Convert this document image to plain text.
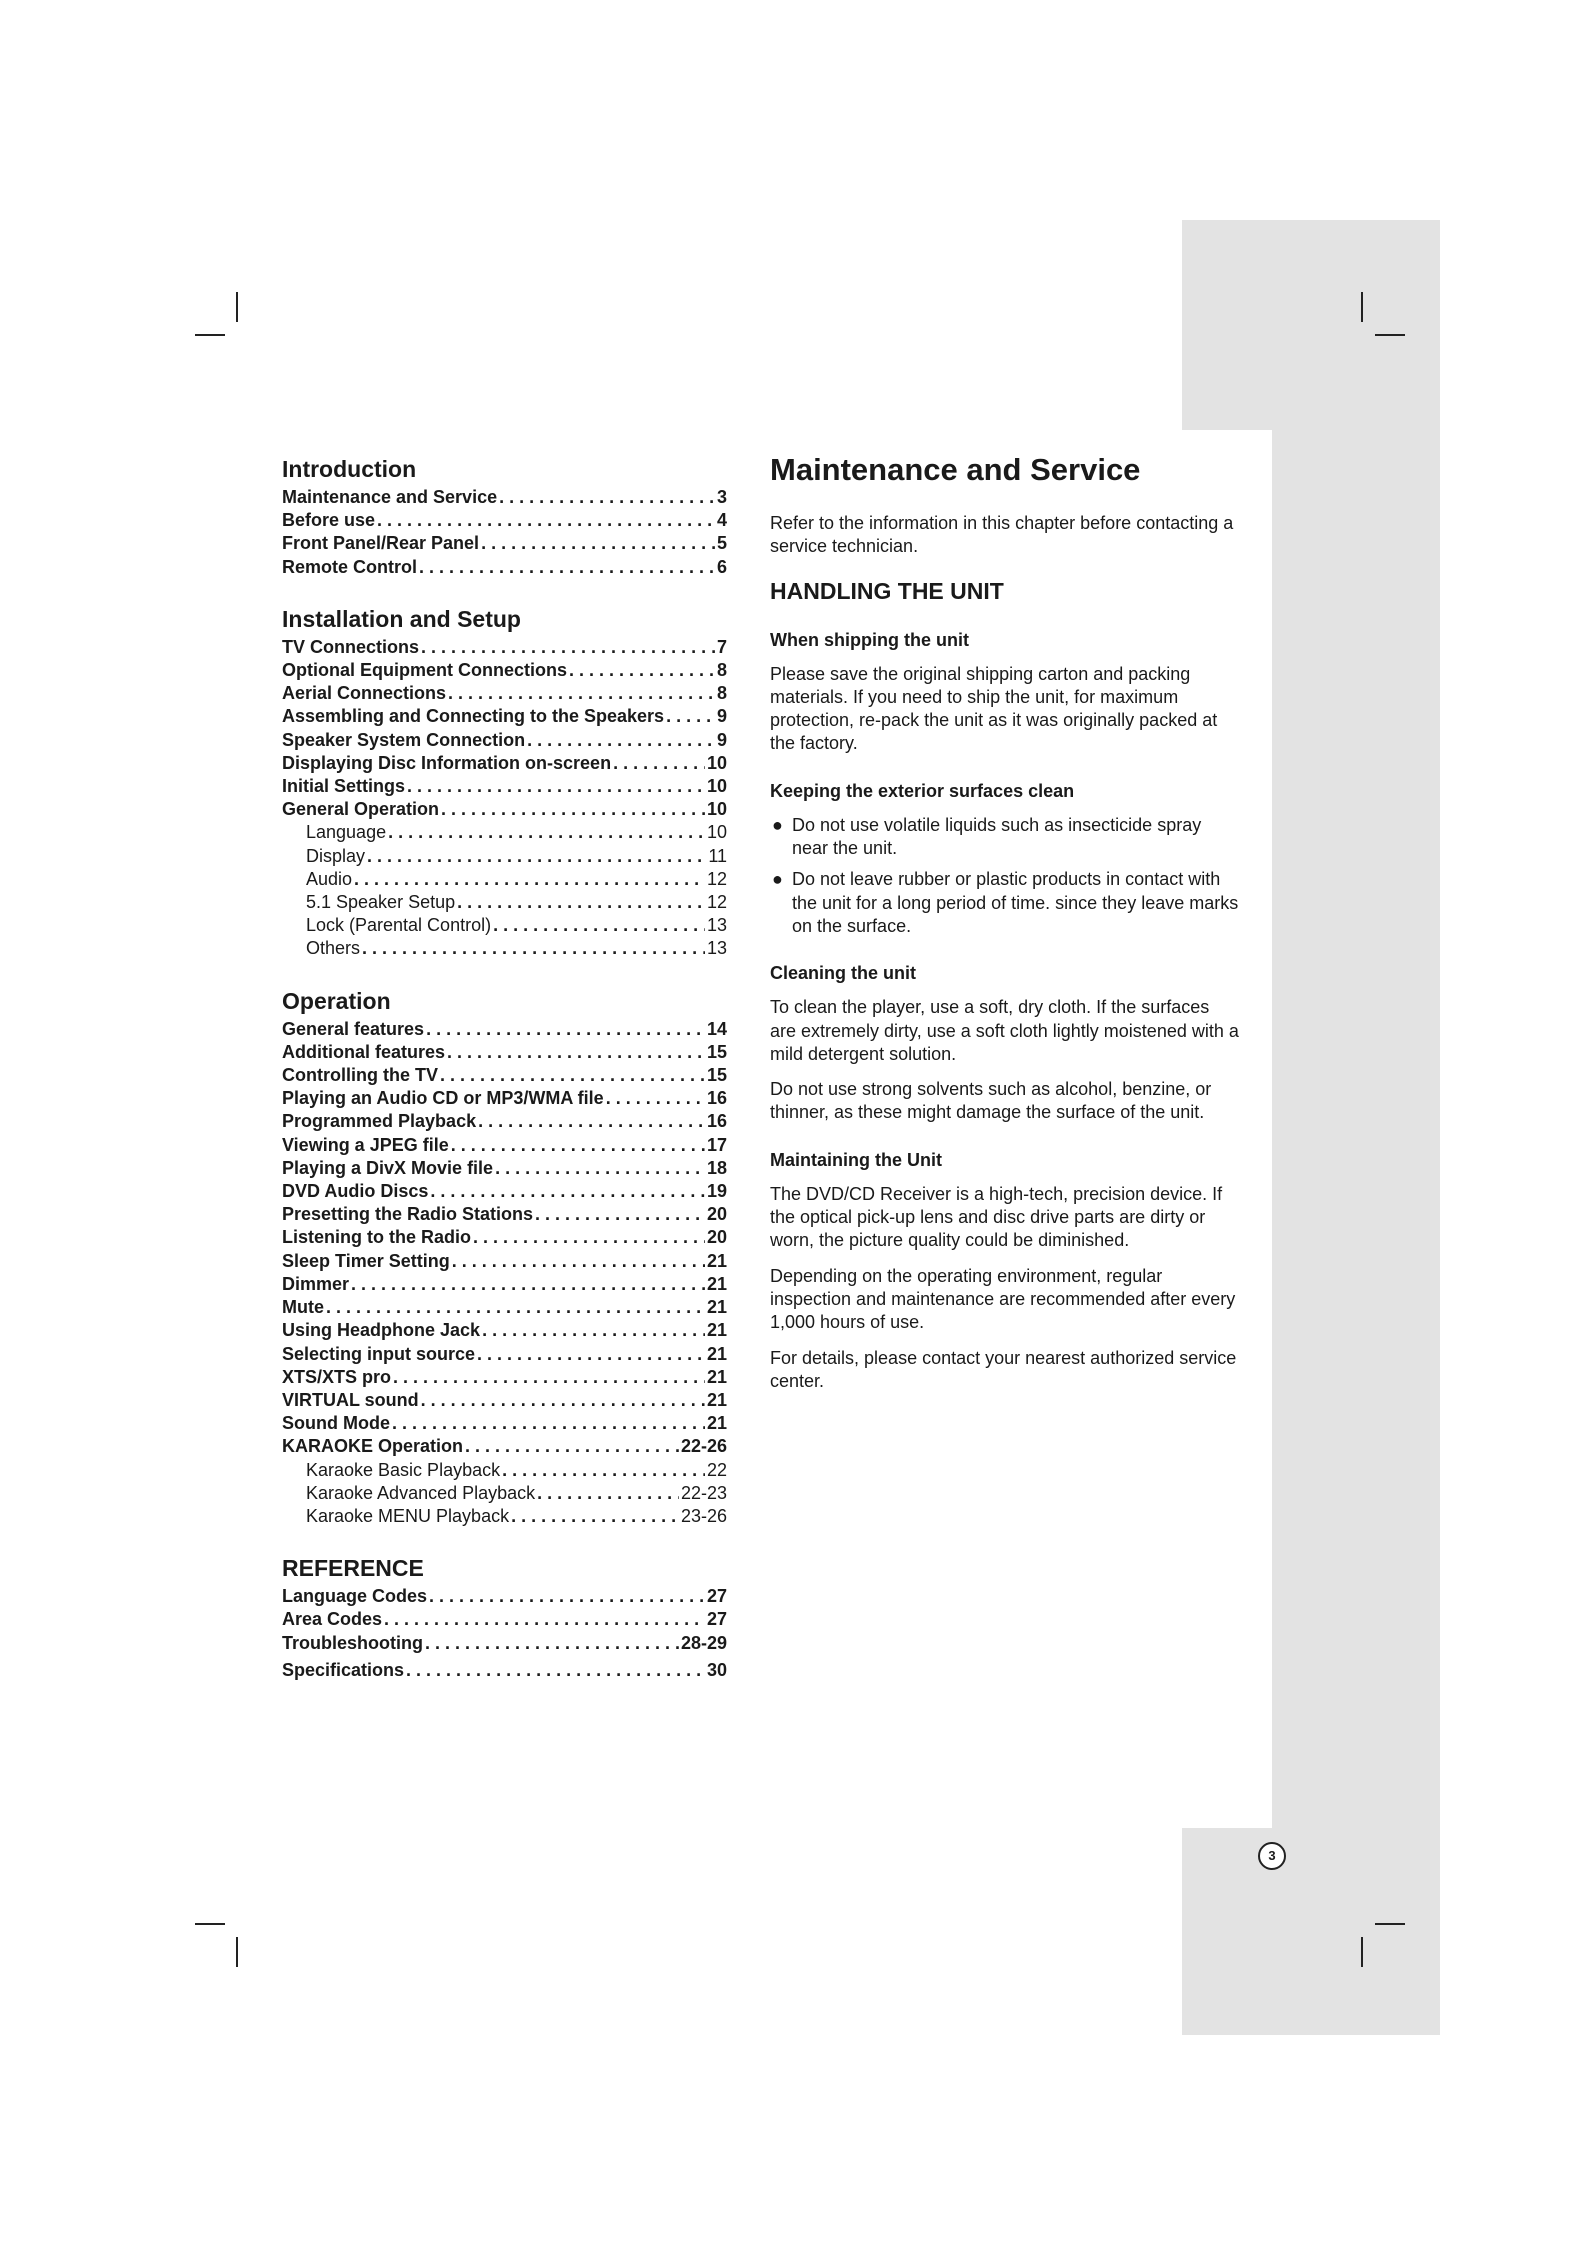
3
Introduction
Maintenance and Service . . .	3
Before use . . .	4
Front Panel/Rear Panel . . .	5
Remote Control . . .	6
Installation and Setup
TV Connections . . .	7
Optional Equipment Connections . . .	8
Aerial Connections . . .	8
Assembling and Connecting to the Speakers . . .	9
Speaker System Connection . . .	9
Displaying Disc Information on-screen . . .	10
Initial Settings . . .	10
General Operation . . .	10
Language . . .	10
Display . . .	11
Audio . . .	12
5.1 Speaker Setup . . .	12
Lock (Parental Control) . . .	13
Others . . .	13
Operation
General features . . .	14
Additional features . . .	15
Controlling the TV . . .	15
Playing an Audio CD or MP3/WMA file . . .	16
Programmed Playback . . .	16
Viewing a JPEG file . . .	17
Playing a DivX Movie file . . .	18
DVD Audio Discs . . .	19
Presetting the Radio Stations . . .	20
Listening to the Radio . . .	20
Sleep Timer Setting . . .	21
Dimmer . . .	21
Mute . . .	21
Using Headphone Jack . . .	21
Selecting input source . . .	21
XTS/XTS pro . . .	21
VIRTUAL sound . . .	21
Sound Mode . . .	21
KARAOKE Operation . . .	22-26
Karaoke Basic Playback . . .	22
Karaoke Advanced Playback . . .	22-23
Karaoke MENU Playback . . .	23-26
REFERENCE
Language Codes . . .	27
Area Codes . . .	27
Troubleshooting . . .	28-29
Specifications . . .	30
Maintenance and Service

Refer to the information in this chapter before contacting a service technician.

HANDLING THE UNIT
When shipping the unit

Please save the original shipping carton and packing materials. If you need to ship the unit, for maximum protection, re-pack the unit as it was originally packed at the factory.

Keeping the exterior surfaces clean
● Do not use volatile liquids such as insecticide spray near the unit.
● Do not leave rubber or plastic products in contact with the unit for a long period of time. since they leave marks on the surface.
Cleaning the unit

To clean the player, use a soft, dry cloth. If the surfaces are extremely dirty, use a soft cloth lightly moistened with a mild detergent solution.

Do not use strong solvents such as alcohol, benzine, or thinner, as these might damage the surface of the unit.

Maintaining the Unit

The DVD/CD Receiver is a high-tech, precision device. If the optical pick-up lens and disc drive parts are dirty or worn, the picture quality could be diminished.

Depending on the operating environment, regular inspection and maintenance are recommended after every 1,000 hours of use.

For details, please contact your nearest authorized service center.
